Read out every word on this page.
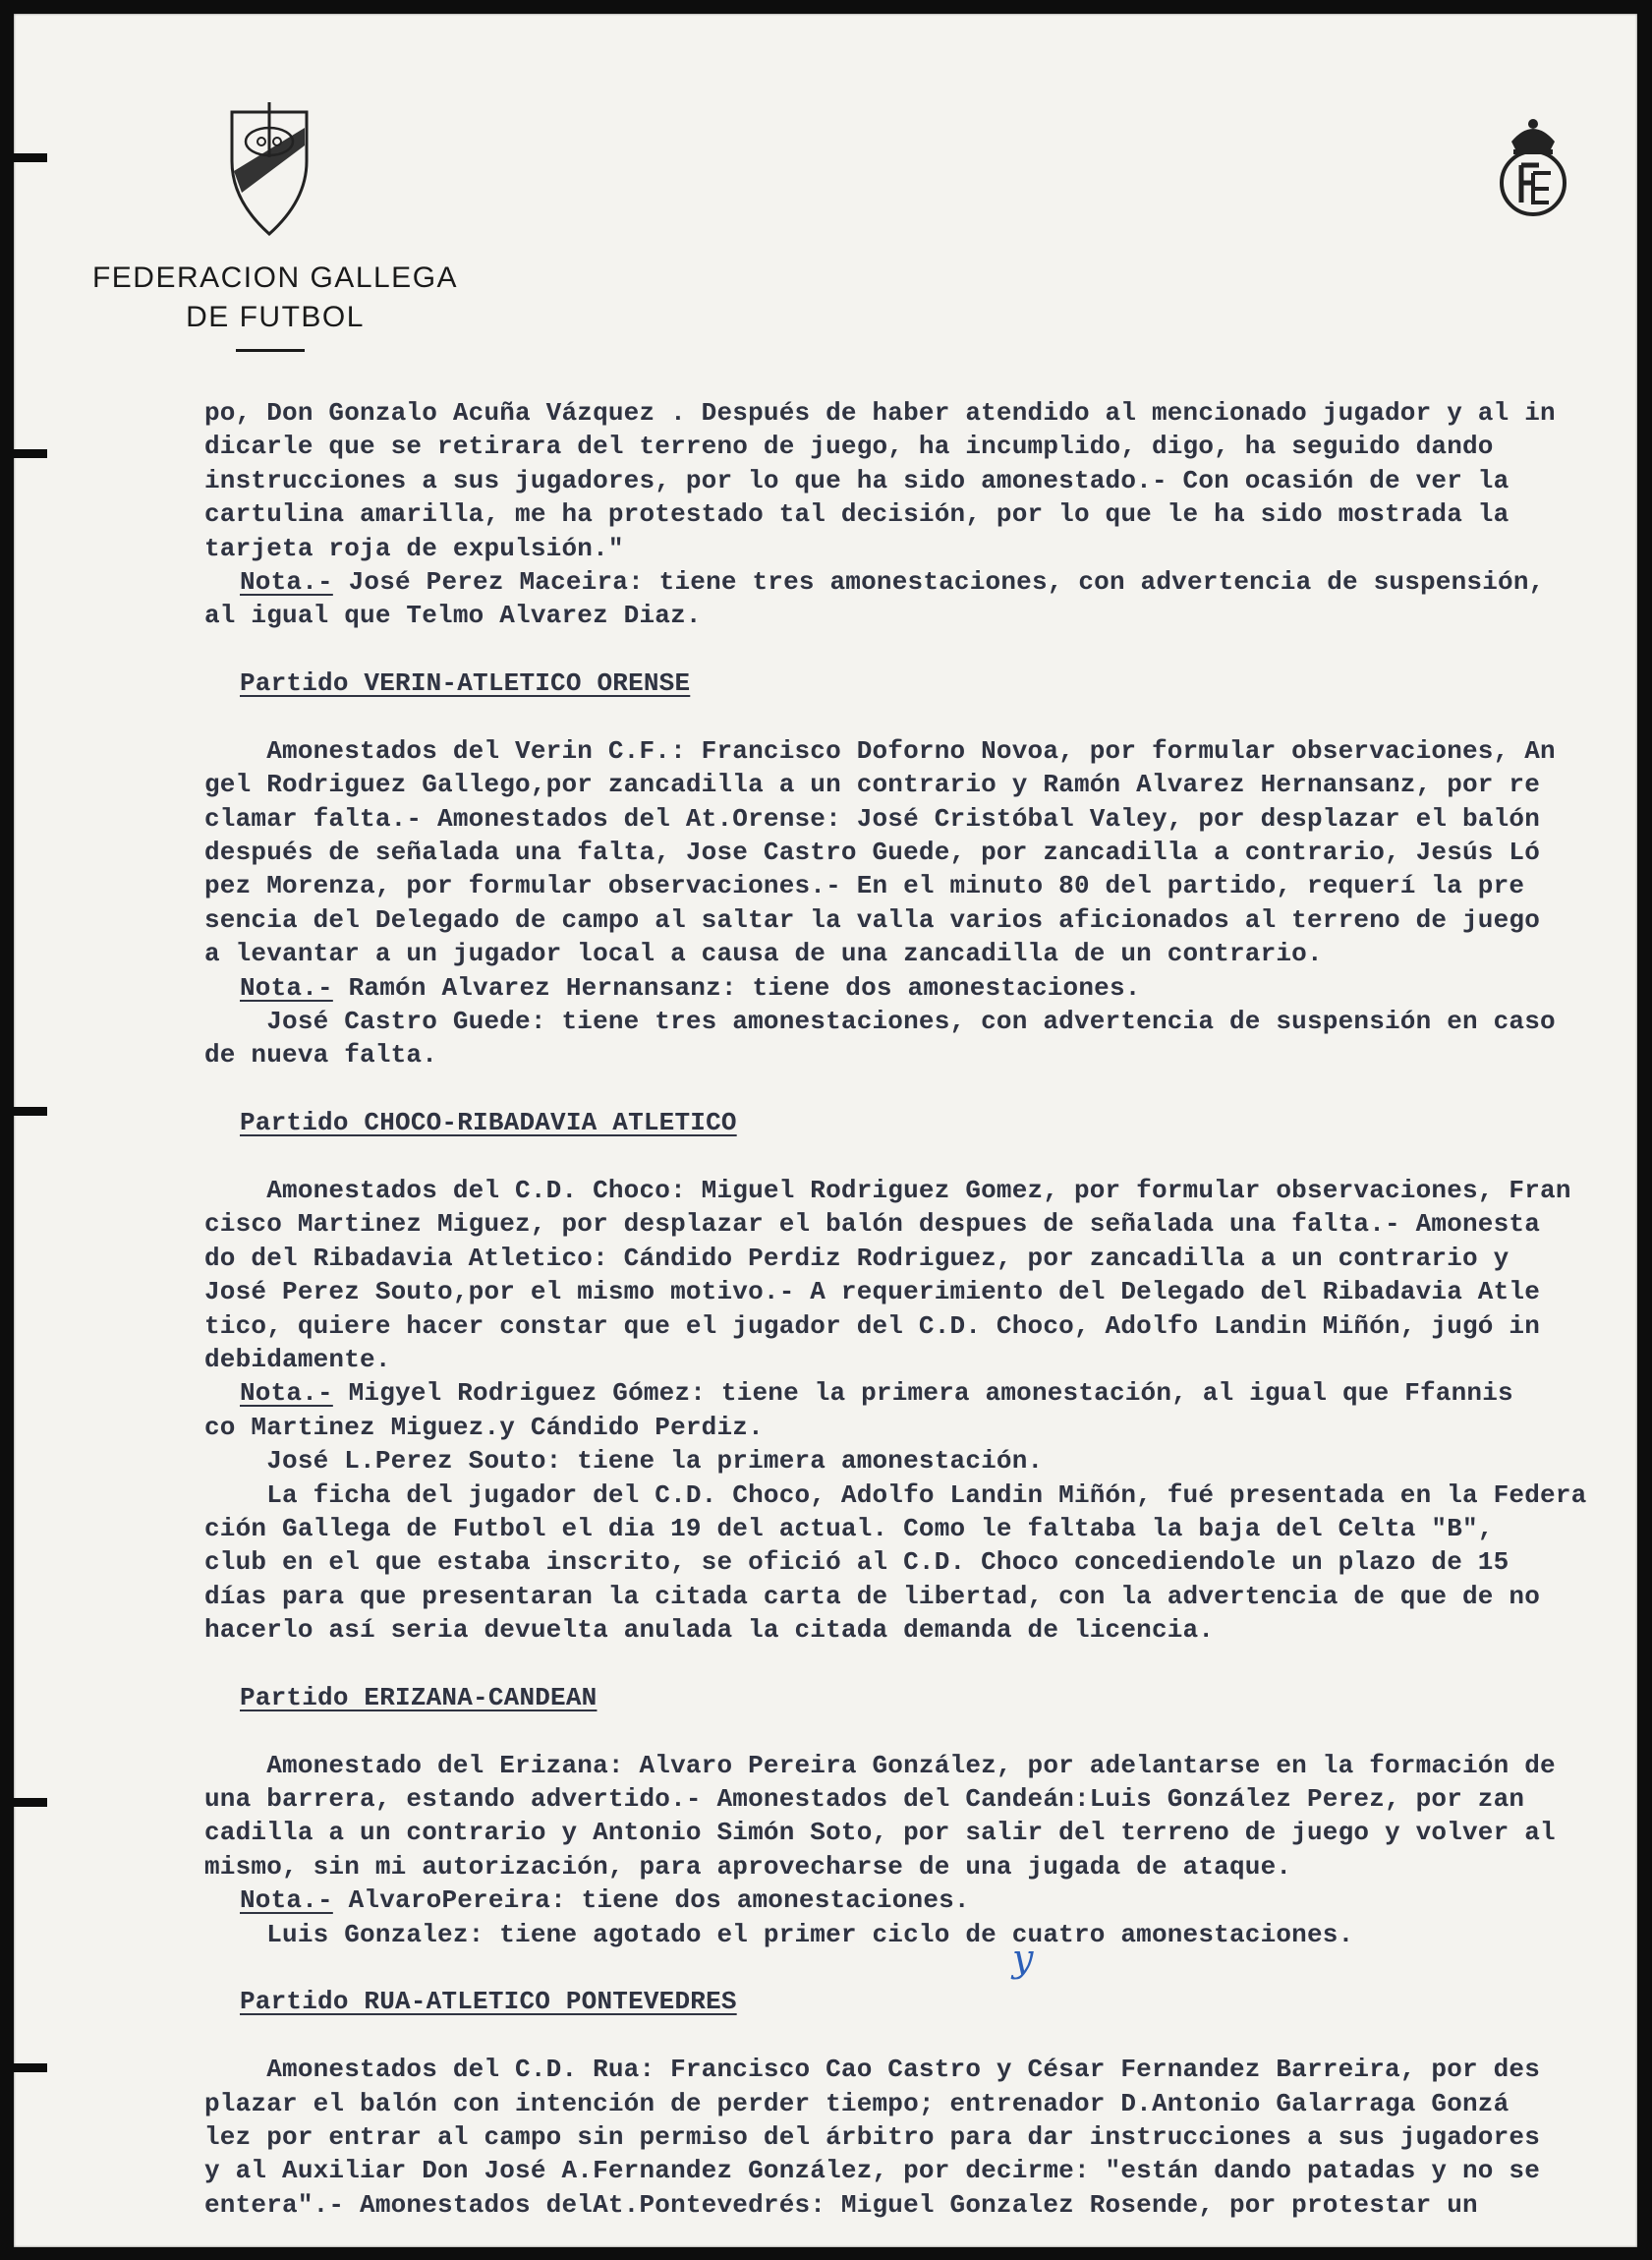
FEDERACION GALLEGA
DE FUTBOL
po, Don Gonzalo Acuña Vázquez . Después de haber atendido al mencionado jugador y al in
dicarle que se retirara del terreno de juego, ha incumplido, digo, ha seguido dando
instrucciones a sus jugadores, por lo que ha sido amonestado.- Con ocasión de ver la
cartulina amarilla, me ha protestado tal decisión, por lo que le ha sido mostrada la
tarjeta roja de expulsión."
Nota.- José Perez Maceira: tiene tres amonestaciones, con advertencia de suspensión,
al igual que Telmo Alvarez Diaz.
Partido VERIN-ATLETICO ORENSE
Amonestados del Verin C.F.: Francisco Doforno Novoa, por formular observaciones, An
gel Rodriguez Gallego,por zancadilla a un contrario y Ramón Alvarez Hernansanz, por re
clamar falta.- Amonestados del At.Orense: José Cristóbal Valey, por desplazar el balón
después de señalada una falta, Jose Castro Guede, por zancadilla a contrario, Jesús Ló
pez Morenza, por formular observaciones.- En el minuto 80 del partido, requerí la pre
sencia del Delegado de campo al saltar la valla varios aficionados al terreno de juego
a levantar a un jugador local a causa de una zancadilla de un contrario.
Nota.- Ramón Alvarez Hernansanz: tiene dos amonestaciones.
José Castro Guede: tiene tres amonestaciones, con advertencia de suspensión en caso
de nueva falta.
Partido CHOCO-RIBADAVIA ATLETICO
Amonestados del C.D. Choco: Miguel Rodriguez Gomez, por formular observaciones, Fran
cisco Martinez Miguez, por desplazar el balón despues de señalada una falta.- Amonesta
do del Ribadavia Atletico: Cándido Perdiz Rodriguez, por zancadilla a un contrario y
José Perez Souto,por el mismo motivo.- A requerimiento del Delegado del Ribadavia Atle
tico, quiere hacer constar que el jugador del C.D. Choco, Adolfo Landin Miñón, jugó in
debidamente.
Nota.- Migyel Rodriguez Gómez: tiene la primera amonestación, al igual que Ffannis
co Martinez Miguez.y Cándido Perdiz.
José L.Perez Souto: tiene la primera amonestación.
La ficha del jugador del C.D. Choco, Adolfo Landin Miñón, fué presentada en la Federa
ción Gallega de Futbol el dia 19 del actual. Como le faltaba la baja del Celta "B",
club en el que estaba inscrito, se ofició al C.D. Choco concediendole un plazo de 15
días para que presentaran la citada carta de libertad, con la advertencia de que de no
hacerlo así seria devuelta anulada la citada demanda de licencia.
Partido ERIZANA-CANDEAN
Amonestado del Erizana: Alvaro Pereira González, por adelantarse en la formación de
una barrera, estando advertido.- Amonestados del Candeán:Luis González Perez, por zan
cadilla a un contrario y Antonio Simón Soto, por salir del terreno de juego y volver al
mismo, sin mi autorización, para aprovecharse de una jugada de ataque.
Nota.- AlvaroPereira: tiene dos amonestaciones.
Luis Gonzalez: tiene agotado el primer ciclo de cuatro amonestaciones.
Partido RUA-ATLETICO PONTEVEDRES
Amonestados del C.D. Rua: Francisco Cao Castro y César Fernandez Barreira, por des
plazar el balón con intención de perder tiempo; entrenador D.Antonio Galarraga Gonzá
lez por entrar al campo sin permiso del árbitro para dar instrucciones a sus jugadores
y al Auxiliar Don José A.Fernandez González, por decirme: "están dando patadas y no se
entera".- Amonestados delAt.Pontevedrés: Miguel Gonzalez Rosende, por protestar un
y
